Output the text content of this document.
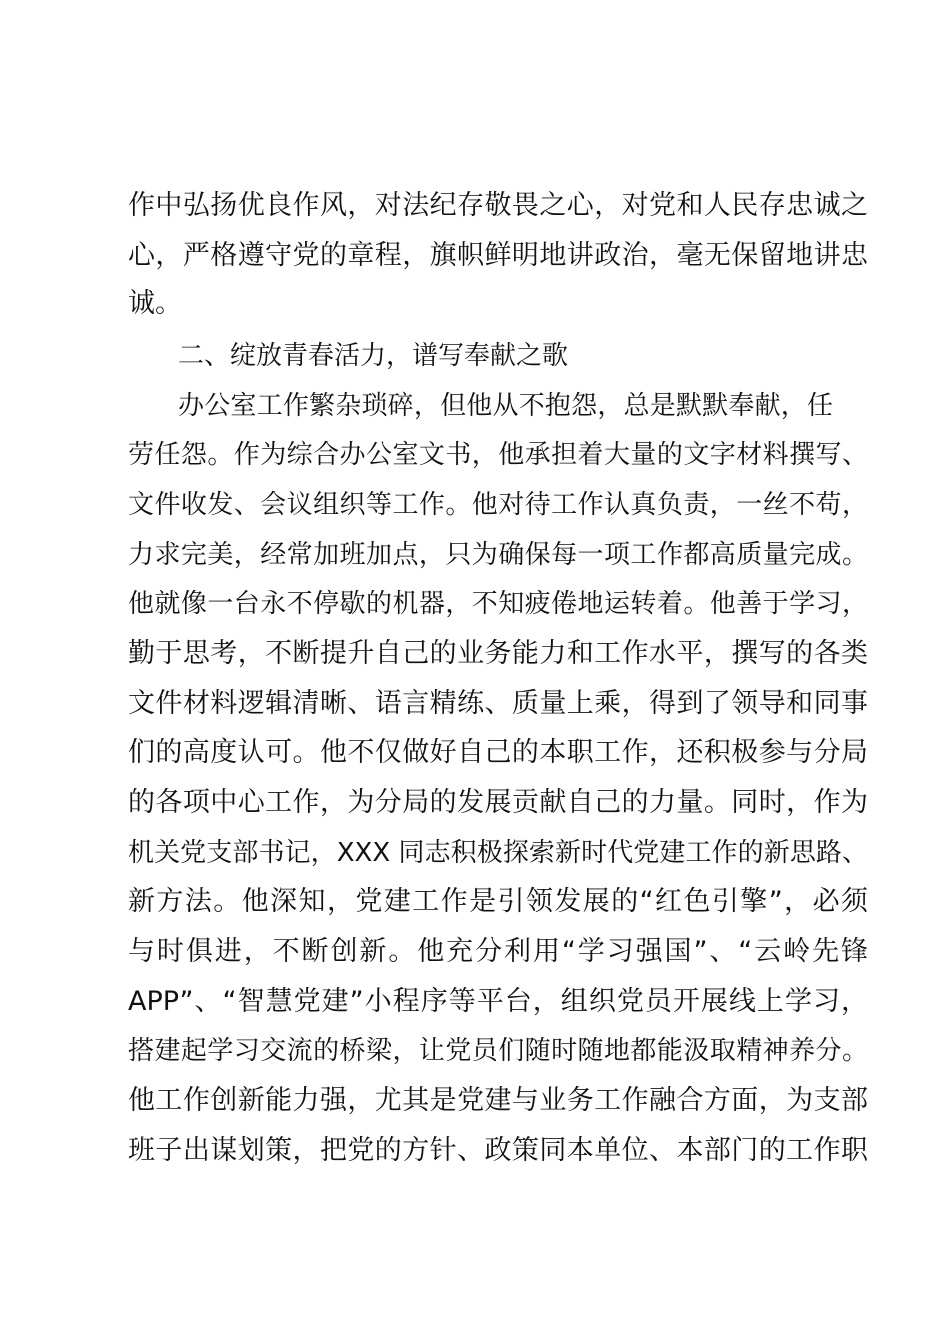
作中弘扬优良作风，对法纪存敬畏之心，对党和人民存忠诚之
心，严格遵守党的章程，旗帜鲜明地讲政治，毫无保留地讲忠
诚。
二、绽放青春活力，谱写奉献之歌
办公室工作繁杂琐碎，但他从不抱怨，总是默默奉献，任
劳任怨。作为综合办公室文书，他承担着大量的文字材料撰写、
文件收发、会议组织等工作。他对待工作认真负责，一丝不苟，
力求完美，经常加班加点，只为确保每一项工作都高质量完成。
他就像一台永不停歇的机器，不知疲倦地运转着。他善于学习，
勤于思考，不断提升自己的业务能力和工作水平，撰写的各类
文件材料逻辑清晰、语言精练、质量上乘，得到了领导和同事
们的高度认可。他不仅做好自己的本职工作，还积极参与分局
的各项中心工作，为分局的发展贡献自己的力量。同时，作为
机关党支部书记，XXX 同志积极探索新时代党建工作的新思路、
新方法。他深知，党建工作是引领发展的“红色引擎”，必须
与时俱进，不断创新。他充分利用“学习强国”、“云岭先锋
APP”、“智慧党建”小程序等平台，组织党员开展线上学习，
搭建起学习交流的桥梁，让党员们随时随地都能汲取精神养分。
他工作创新能力强，尤其是党建与业务工作融合方面，为支部
班子出谋划策，把党的方针、政策同本单位、本部门的工作职
